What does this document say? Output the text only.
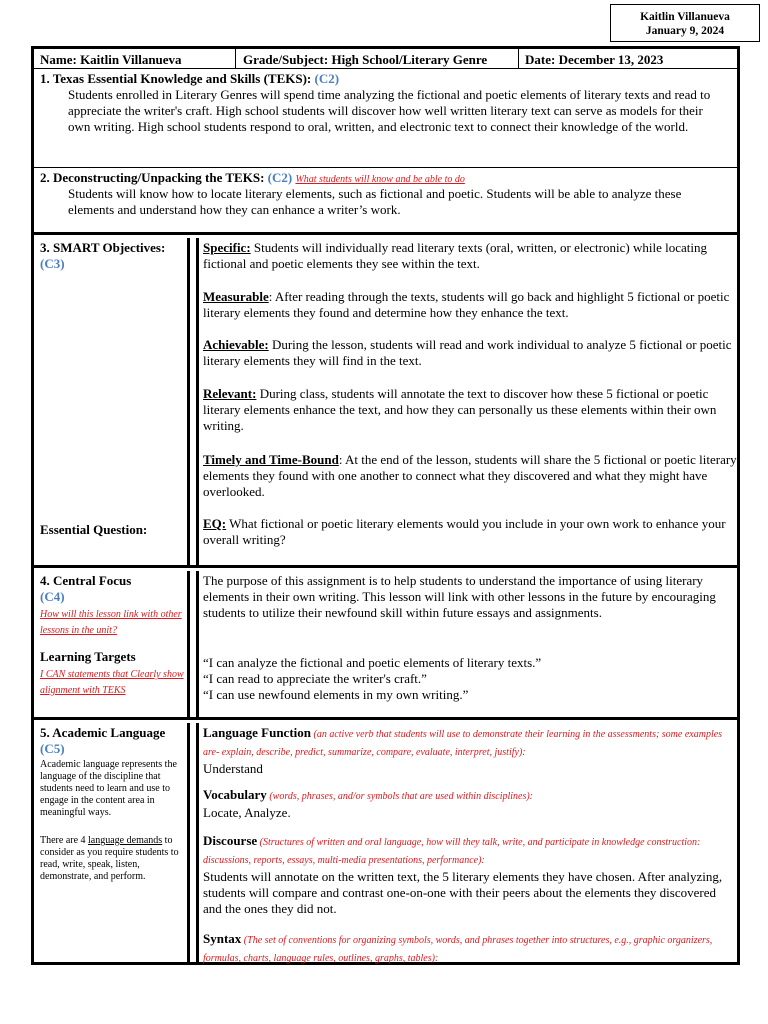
Kaitlin Villanueva
January 9, 2024
Name: Kaitlin Villanueva	Grade/Subject: High School/Literary Genre	Date: December 13, 2023
1. Texas Essential Knowledge and Skills (TEKS): (C2)
Students enrolled in Literary Genres will spend time analyzing the fictional and poetic elements of literary texts and read to appreciate the writer's craft. High school students will discover how well written literary text can serve as models for their own writing. High school students respond to oral, written, and electronic text to connect their knowledge of the world.
2. Deconstructing/Unpacking the TEKS: (C2) What students will know and be able to do
Students will know how to locate literary elements, such as fictional and poetic. Students will be able to analyze these elements and understand how they can enhance a writer’s work.
3. SMART Objectives:
(C3)
Essential Question:
Specific: Students will individually read literary texts (oral, written, or electronic) while locating fictional and poetic elements they see within the text.
Measurable: After reading through the texts, students will go back and highlight 5 fictional or poetic literary elements they found and determine how they enhance the text.
Achievable: During the lesson, students will read and work individual to analyze 5 fictional or poetic literary elements they will find in the text.
Relevant: During class, students will annotate the text to discover how these 5 fictional or poetic literary elements enhance the text, and how they can personally us these elements within their own writing.
Timely and Time-Bound: At the end of the lesson, students will share the 5 fictional or poetic literary elements they found with one another to connect what they discovered and what they might have overlooked.
EQ: What fictional or poetic literary elements would you include in your own work to enhance your overall writing?
4. Central Focus
(C4)
How will this lesson link with other lessons in the unit?
Learning Targets
I CAN statements that Clearly show alignment with TEKS
The purpose of this assignment is to help students to understand the importance of using literary elements in their own writing. This lesson will link with other lessons in the future by encouraging students to utilize their newfound skill within future essays and assignments.
“I can analyze the fictional and poetic elements of literary texts.”
“I can read to appreciate the writer's craft.”
“I can use newfound elements in my own writing.”
5. Academic Language
(C5)
Academic language represents the language of the discipline that students need to learn and use to engage in the content area in meaningful ways.
There are 4 language demands to consider as you require students to read, write, speak, listen, demonstrate, and perform.
Language Function (an active verb that students will use to demonstrate their learning in the assessments; some examples are- explain, describe, predict, summarize, compare, evaluate, interpret, justify):
Understand
Vocabulary (words, phrases, and/or symbols that are used within disciplines):
Locate, Analyze.
Discourse (Structures of written and oral language, how will they talk, write, and participate in knowledge construction: discussions, reports, essays, multi-media presentations, performance):
Students will annotate on the written text, the 5 literary elements they have chosen. After analyzing, students will compare and contrast one-on-one with their peers about the elements they discovered and the ones they did not.
Syntax (The set of conventions for organizing symbols, words, and phrases together into structures, e.g., graphic organizers, formulas, charts, language rules, outlines, graphs, tables):
